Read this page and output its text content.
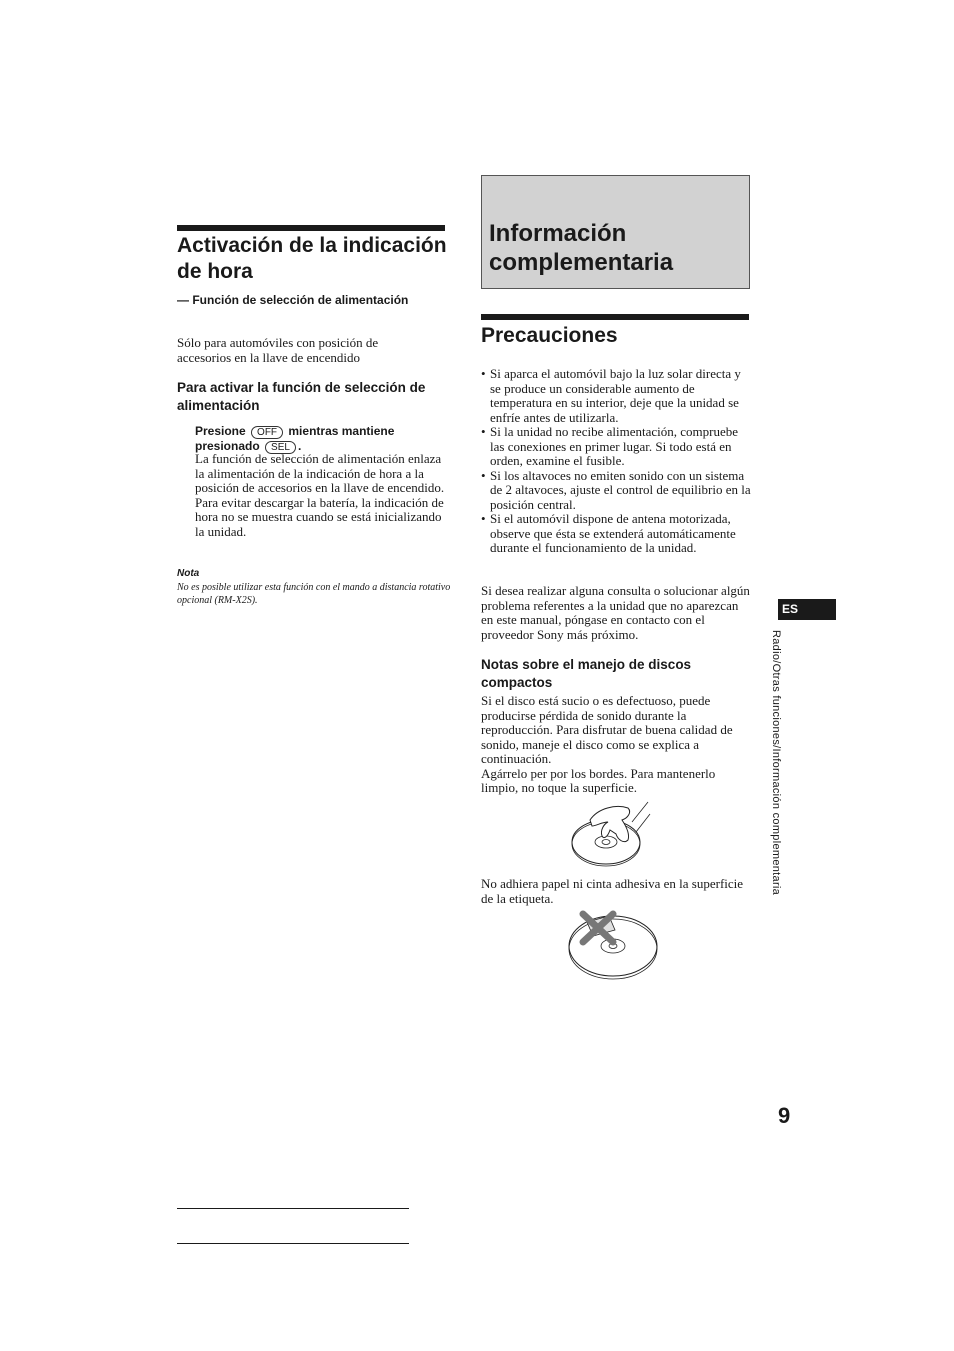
Activación de la indicación de hora
— Función de selección de alimentación

Sólo para automóviles con posición de accesorios en la llave de encendido

Para activar la función de selección de alimentación
Presione OFF mientras mantiene presionado SEL .

La función de selección de alimentación enlaza la alimentación de la indicación de hora a la posición de accesorios en la llave de encendido.

Para evitar descargar la batería, la indicación de hora no se muestra cuando se está inicializando la unidad.

Nota
No es posible utilizar esta función con el mando a distancia rotativo opcional (RM-X2S).
Información complementaria
Precauciones
• Si aparca el automóvil bajo la luz solar directa y se produce un considerable aumento de temperatura en su interior, deje que la unidad se enfríe antes de utilizarla.
• Si la unidad no recibe alimentación, compruebe las conexiones en primer lugar. Si todo está en orden, examine el fusible.
• Si los altavoces no emiten sonido con un sistema de 2 altavoces, ajuste el control de equilibrio en la posición central.
• Si el automóvil dispone de antena motorizada, observe que ésta se extenderá automáticamente durante el funcionamiento de la unidad.

Si desea realizar alguna consulta o solucionar algún problema referentes a la unidad que no aparezcan en este manual, póngase en contacto con el proveedor Sony más próximo.

Notas sobre el manejo de discos compactos

Si el disco está sucio o es defectuoso, puede producirse pérdida de sonido durante la reproducción. Para disfrutar de buena calidad de sonido, maneje el disco como se explica a continuación.

Agárrelo per por los bordes. Para mantenerlo limpio, no toque la superficie.

No adhiera papel ni cinta adhesiva en la superficie de la etiqueta.

ES
Radio/Otras funciones/Información complementaria
9
